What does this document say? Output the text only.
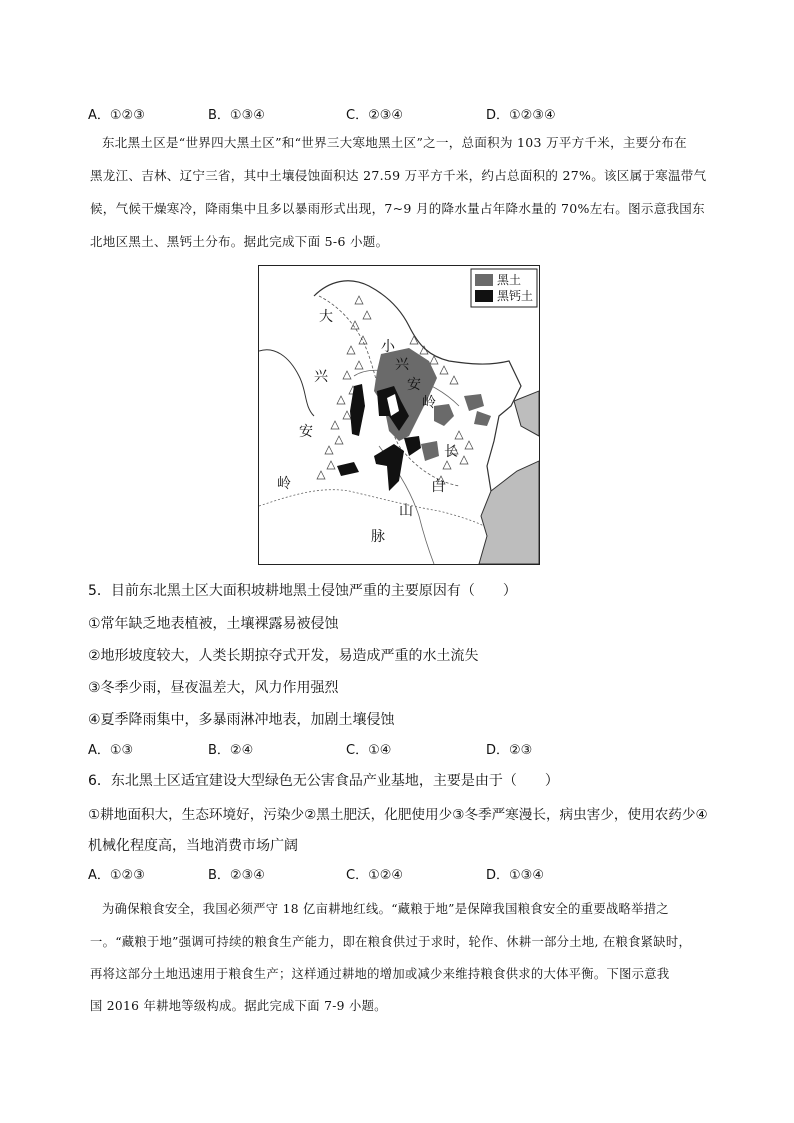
A．①②③	B．①③④	C．②③④	D．①②③④
东北黑土区是“世界四大黑土区”和“世界三大寒地黑土区”之一，总面积为 103 万平方千米，主要分布在
黑龙江、吉林、辽宁三省，其中土壤侵蚀面积达 27.59 万平方千米，约占总面积的 27%。该区属于寒温带气
候，气候干燥寒冷，降雨集中且多以暴雨形式出现，7~9 月的降水量占年降水量的 70%左右。图示意我国东
北地区黑土、黑钙土分布。据此完成下面 5-6 小题。
黑土
黑钙土
大
兴
安
岭
小
兴
安
岭
长
白
山
脉
5．目前东北黑土区大面积坡耕地黑土侵蚀严重的主要原因有（　　）
①常年缺乏地表植被，土壤裸露易被侵蚀
②地形坡度较大，人类长期掠夺式开发，易造成严重的水土流失
③冬季少雨，昼夜温差大，风力作用强烈
④夏季降雨集中，多暴雨淋冲地表，加剧土壤侵蚀
A．①③	B．②④	C．①④	D．②③
6．东北黑土区适宜建设大型绿色无公害食品产业基地，主要是由于（　　）
①耕地面积大，生态环境好，污染少②黑土肥沃，化肥使用少③冬季严寒漫长，病虫害少，使用农药少④
机械化程度高，当地消费市场广阔
A．①②③	B．②③④	C．①②④	D．①③④
为确保粮食安全，我国必须严守 18 亿亩耕地红线。“藏粮于地”是保障我国粮食安全的重要战略举措之
一。“藏粮于地”强调可持续的粮食生产能力，即在粮食供过于求时，轮作、休耕一部分土地, 在粮食紧缺时，
再将这部分土地迅速用于粮食生产；这样通过耕地的增加或减少来维持粮食供求的大体平衡。下图示意我
国 2016 年耕地等级构成。据此完成下面 7-9 小题。
